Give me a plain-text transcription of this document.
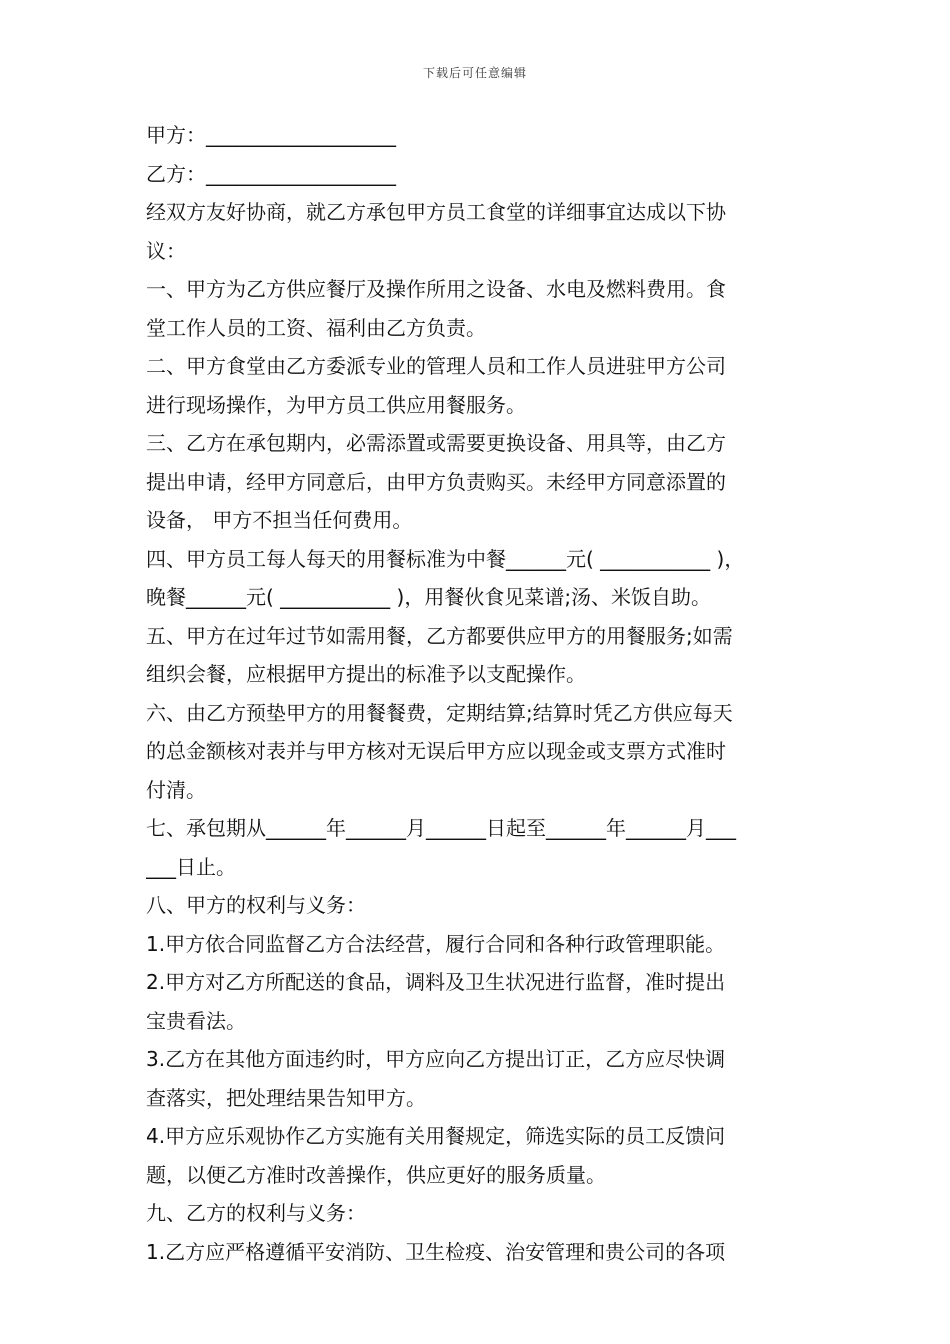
下载后可任意编辑
甲方：___________________
乙方：___________________
经双方友好协商，就乙方承包甲方员工食堂的详细事宜达成以下协
议：
一、甲方为乙方供应餐厅及操作所用之设备、水电及燃料费用。食
堂工作人员的工资、福利由乙方负责。
二、甲方食堂由乙方委派专业的管理人员和工作人员进驻甲方公司
进行现场操作，为甲方员工供应用餐服务。
三、乙方在承包期内，必需添置或需要更换设备、用具等，由乙方
提出申请，经甲方同意后，由甲方负责购买。未经甲方同意添置的
设备， 甲方不担当任何费用。
四、甲方员工每人每天的用餐标准为中餐______元( ___________ )，
晚餐______元( ___________ )，用餐伙食见菜谱;汤、米饭自助。
五、甲方在过年过节如需用餐，乙方都要供应甲方的用餐服务;如需
组织会餐，应根据甲方提出的标准予以支配操作。
六、由乙方预垫甲方的用餐餐费，定期结算;结算时凭乙方供应每天
的总金额核对表并与甲方核对无误后甲方应以现金或支票方式准时
付清。
七、承包期从______年______月______日起至______年______月___
___日止。
八、甲方的权利与义务：
1.甲方依合同监督乙方合法经营，履行合同和各种行政管理职能。
2.甲方对乙方所配送的食品，调料及卫生状况进行监督，准时提出
宝贵看法。
3.乙方在其他方面违约时，甲方应向乙方提出订正，乙方应尽快调
查落实，把处理结果告知甲方。
4.甲方应乐观协作乙方实施有关用餐规定，筛选实际的员工反馈问
题，以便乙方准时改善操作，供应更好的服务质量。
九、乙方的权利与义务：
1.乙方应严格遵循平安消防、卫生检疫、治安管理和贵公司的各项
